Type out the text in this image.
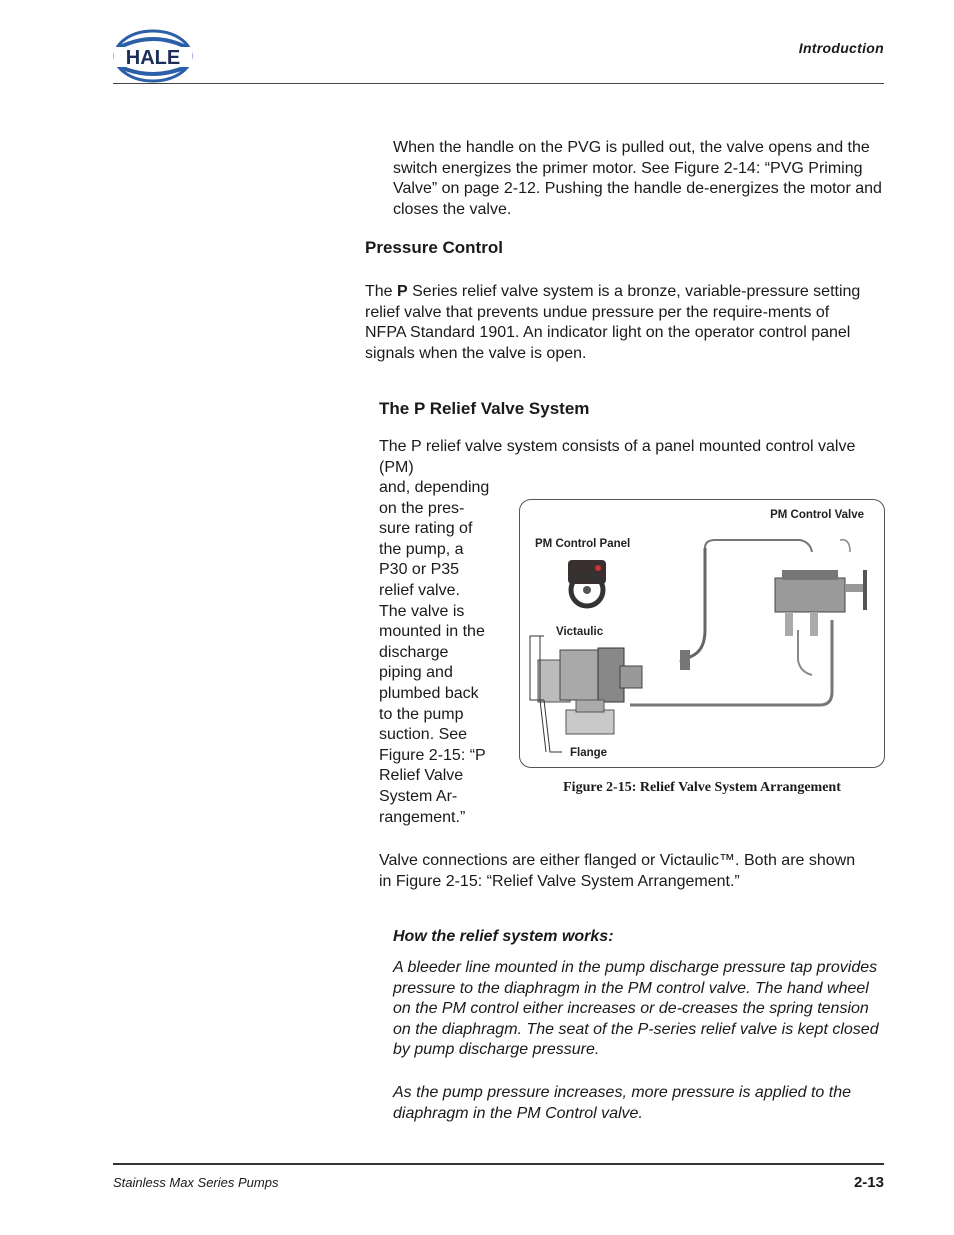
HALE	Introduction

When the handle on the PVG is pulled out, the valve opens and the switch energizes the primer motor. See Figure 2-14: “PVG Priming Valve” on page 2-12. Pushing the handle de-energizes the motor and closes the valve.

Pressure Control

The P Series relief valve system is a bronze, variable-pressure setting relief valve that prevents undue pressure per the require-ments of NFPA Standard 1901. An indicator light on the operator control panel signals when the valve is open.

The P Relief Valve System

The P relief valve system consists of a panel mounted control valve (PM)

and, depending
on the pres-
sure rating of
the pump, a
P30 or P35
relief valve.
The valve is
mounted in the
discharge
piping and
plumbed back
to the pump
suction. See
Figure 2-15: “P
Relief Valve
System Ar-
rangement.”
PM Control Valve
PM Control Panel
Victaulic
Flange
Figure 2-15: Relief Valve System Arrangement

Valve connections are either flanged or Victaulic™. Both are shown in Figure 2-15: “Relief Valve System Arrangement.”

How the relief system works:

A bleeder line mounted in the pump discharge pressure tap provides pressure to the diaphragm in the PM control valve. The hand wheel on the PM control either increases or de-creases the spring tension on the diaphragm. The seat of the P-series relief valve is kept closed by pump discharge pressure.

As the pump pressure increases, more pressure is applied to the diaphragm in the PM Control valve.

Stainless Max Series Pumps	2-13
